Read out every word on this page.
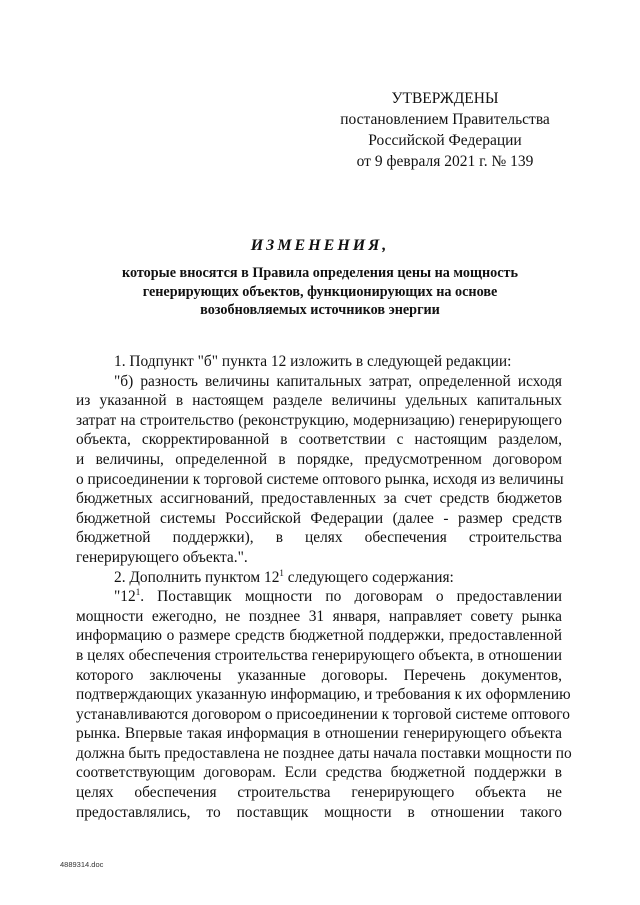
УТВЕРЖДЕНЫ
постановлением Правительства
Российской Федерации
от 9 февраля 2021 г. № 139
ИЗМЕНЕНИЯ,
которые вносятся в Правила определения цены на мощность
генерирующих объектов, функционирующих на основе
возобновляемых источников энергии
1. Подпункт "б" пункта 12 изложить в следующей редакции:
"б) разность величины капитальных затрат, определенной исходя
из указанной в настоящем разделе величины удельных капитальных
затрат на строительство (реконструкцию, модернизацию) генерирующего
объекта, скорректированной в соответствии с настоящим разделом,
и величины, определенной в порядке, предусмотренном договором
о присоединении к торговой системе оптового рынка, исходя из величины
бюджетных ассигнований, предоставленных за счет средств бюджетов
бюджетной системы Российской Федерации (далее - размер средств
бюджетной поддержки), в целях обеспечения строительства
генерирующего объекта.".
2. Дополнить пунктом $12^1$ следующего содержания:
"$12^1$. Поставщик мощности по договорам о предоставлении
мощности ежегодно, не позднее 31 января, направляет совету рынка
информацию о размере средств бюджетной поддержки, предоставленной
в целях обеспечения строительства генерирующего объекта, в отношении
которого заключены указанные договоры. Перечень документов,
подтверждающих указанную информацию, и требования к их оформлению
устанавливаются договором о присоединении к торговой системе оптового
рынка. Впервые такая информация в отношении генерирующего объекта
должна быть предоставлена не позднее даты начала поставки мощности по
соответствующим договорам. Если средства бюджетной поддержки в
целях обеспечения строительства генерирующего объекта не
предоставлялись, то поставщик мощности в отношении такого
4889314.doc
